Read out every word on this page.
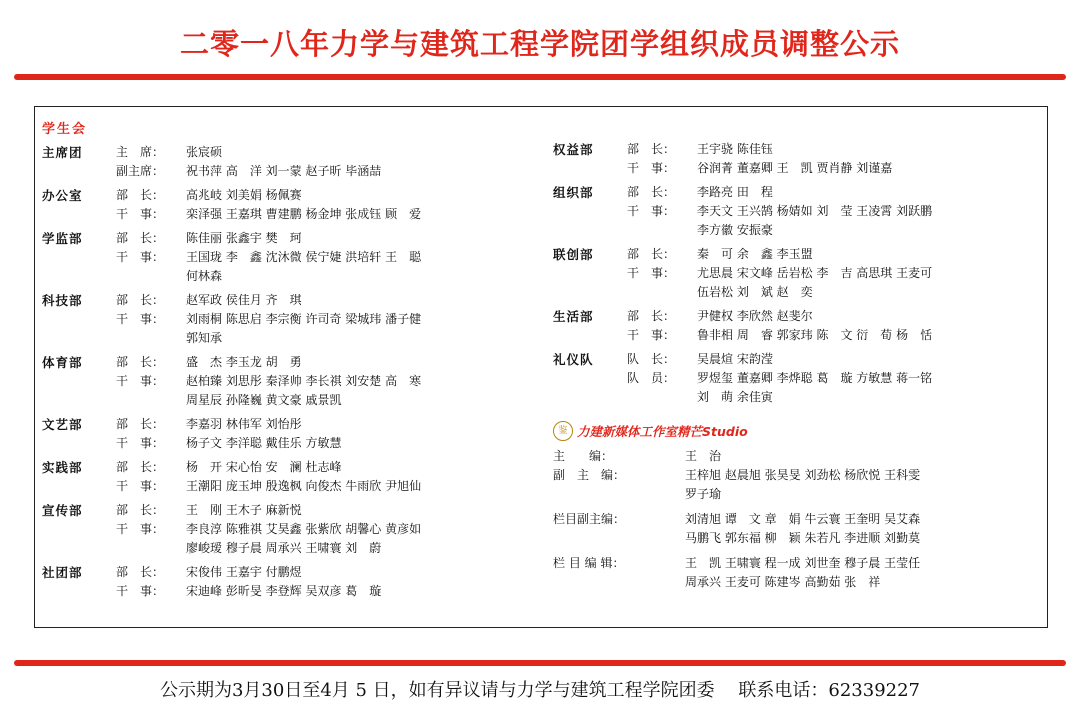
二零一八年力学与建筑工程学院团学组织成员调整公示
学生会
主席团	主　席：	张宸硕
副主席：	祝书萍 高　洋 刘一蒙 赵子昕 毕涵喆
办公室	部　长：	高兆岐 刘美娟 杨佩赛
干　事：	栾泽强 王嘉琪 曹建鹏 杨金坤 张成钰 顾　爱
学监部	部　长：	陈佳丽 张鑫宇 樊　珂
干　事：	王国珑 李　鑫 沈沐微 侯宁婕 洪培轩 王　聪
何林森
科技部	部　长：	赵军政 侯佳月 齐　琪
干　事：	刘雨桐 陈思启 李宗衡 许司奇 梁城玮 潘子健
郭知承
体育部	部　长：	盛　杰 李玉龙 胡　勇
干　事：	赵柏臻 刘思彤 秦泽帅 李长祺 刘安楚 高　寒
周星辰 孙隆巍 黄文豪 戚景凯
文艺部	部　长：	李嘉羽 林伟军 刘怡彤
干　事：	杨子文 李洋聪 戴佳乐 方敏慧
实践部	部　长：	杨　开 宋心怡 安　澜 杜志峰
干　事：	王潮阳 庞玉坤 殷逸枫 向俊杰 牛雨欣 尹旭仙
宣传部	部　长：	王　刚 王木子 麻新悦
干　事：	李良淳 陈雅祺 艾昊鑫 张紫欣 胡馨心 黄彦如
廖峻瑷 穆子晨 周承兴 王啸寰 刘　蔚
社团部	部　长：	宋俊伟 王嘉宇 付鹏煜
干　事：	宋迪峰 彭昕旻 李登辉 吴双彦 葛　璇
权益部	部　长：	王宇骁 陈佳钰
干　事：	谷润菁 董嘉卿 王　凯 贾肖静 刘谨嘉
组织部	部　长：	李路亮 田　程
干　事：	李天文 王兴鹄 杨婧如 刘　莹 王凌霄 刘跃鹏
李方徽 安振豪
联创部	部　长：	秦　可 余　鑫 李玉盟
干　事：	尤思晨 宋文峰 岳岩松 李　吉 高思琪 王麦可
伍岩松 刘　斌 赵　奕
生活部	部　长：	尹健权 李欣然 赵斐尔
干　事：	鲁非相 周　睿 郭家玮 陈　文 衍　荀 杨　恬
礼仪队	队　长：	吴晨煊 宋韵滢
队　员：	罗煜玺 董嘉卿 李烨聪 葛　璇 方敏慧 蒋一铭
刘　萌 余佳寅
鉴 力建新媒体工作室精芒Studio
主　　编：	王　治
副　主　编：	王梓旭 赵晨旭 张昊旻 刘劲松 杨欣悦 王科雯
罗子瑜
栏目副主编：	刘清旭 谭　文 章　娟 牛云寰 王奎明 吴艾森
马鹏飞 郭东福 柳　颖 朱若凡 李进顺 刘勤莫
栏 目 编 辑：	王　凯 王啸寰 程一成 刘世奎 穆子晨 王莹任
周承兴 王麦可 陈建岑 高勤茹 张　祥
公示期为3月30日至4月 5 日，如有异议请与力学与建筑工程学院团委　 联系电话：62339227
